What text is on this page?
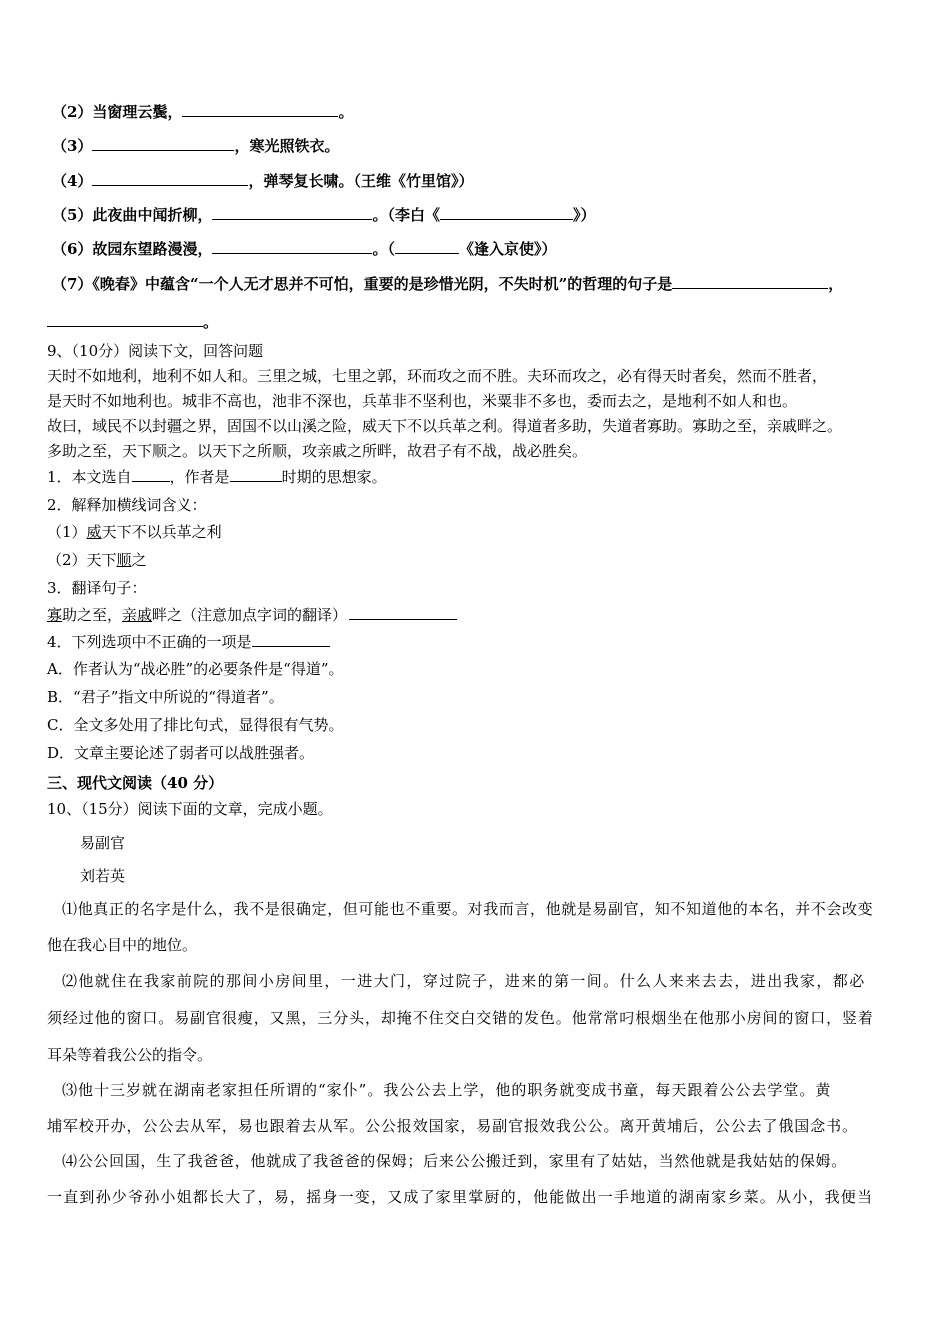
（2）当窗理云鬓，	。
（3）	，寒光照铁衣。
（4）	，弹琴复长啸。（王维《竹里馆》）
（5）此夜曲中闻折柳，	。（李白《	》）
（6）故园东望路漫漫，	。（	《逢入京使》）
（7）《晚春》中蕴含“一个人无才思并不可怕，重要的是珍惜光阴，不失时机”的哲理的句子是	，
。
9、（10分）阅读下文，回答问题
天时不如地利，地利不如人和。三里之城，七里之郭，环而攻之而不胜。夫环而攻之，必有得天时者矣，然而不胜者，
是天时不如地利也。城非不高也，池非不深也，兵革非不坚利也，米粟非不多也，委而去之，是地利不如人和也。
故曰，域民不以封疆之界，固国不以山溪之险，威天下不以兵革之利。得道者多助，失道者寡助。寡助之至，亲戚畔之。
多助之至，天下顺之。以天下之所顺，攻亲戚之所畔，故君子有不战，战必胜矣。
1．本文选自	，作者是	时期的思想家。
2．解释加横线词含义：
（1）威天下不以兵革之利
（2）天下顺之
3．翻译句子：
寡助之至，亲戚畔之（注意加点字词的翻译）
4．下列选项中不正确的一项是
A．作者认为“战必胜”的必要条件是“得道”。
B．“君子”指文中所说的“得道者”。
C．全文多处用了排比句式，显得很有气势。
D．文章主要论述了弱者可以战胜强者。
三、现代文阅读（40 分）
10、（15分）阅读下面的文章，完成小题。
易副官
刘若英
⑴他真正的名字是什么，我不是很确定，但可能也不重要。对我而言，他就是易副官，知不知道他的本名，并不会改变
他在我心目中的地位。
⑵他就住在我家前院的那间小房间里，一进大门，穿过院子，进来的第一间。什么人来来去去，进出我家，都必
须经过他的窗口。易副官很瘦，又黑，三分头，却掩不住交白交错的发色。他常常叼根烟坐在他那小房间的窗口，竖着
耳朵等着我公公的指令。
⑶他十三岁就在湖南老家担任所谓的“家仆”。我公公去上学，他的职务就变成书童，每天跟着公公去学堂。黄
埔军校开办，公公去从军，易也跟着去从军。公公报效国家，易副官报效我公公。离开黄埔后，公公去了俄国念书。
⑷公公回国，生了我爸爸，他就成了我爸爸的保姆；后来公公搬迁到，家里有了姑姑，当然他就是我姑姑的保姆。
一直到孙少爷孙小姐都长大了，易，摇身一变，又成了家里掌厨的，他能做出一手地道的湖南家乡菜。从小，我便当
